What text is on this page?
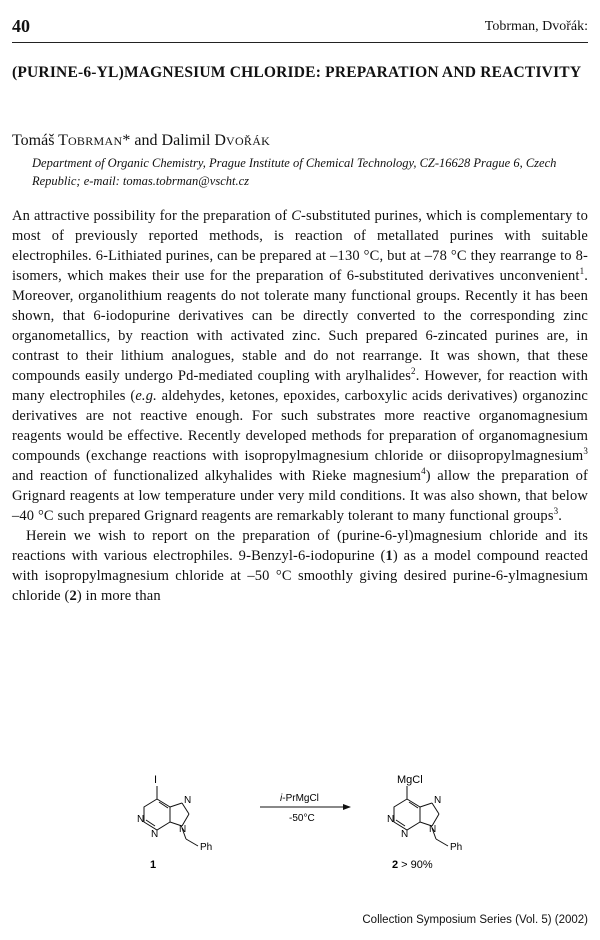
40	Tobrman, Dvořák:
(PURINE-6-YL)MAGNESIUM CHLORIDE: PREPARATION AND REACTIVITY
Tomáš TOBRMAN* and Dalimil DVOŘÁK
Department of Organic Chemistry, Prague Institute of Chemical Technology, CZ-16628 Prague 6, Czech Republic; e-mail: tomas.tobrman@vscht.cz

An attractive possibility for the preparation of C-substituted purines, which is complementary to most of previously reported methods, is reaction of metallated purines with suitable electrophiles. 6-Lithiated purines, can be prepared at –130 °C, but at –78 °C they rearrange to 8-isomers, which makes their use for the preparation of 6-substituted derivatives unconvenient$^1$. Moreover, organolithium reagents do not tolerate many functional groups. Recently it has been shown, that 6-iodopurine derivatives can be directly converted to the corresponding zinc organometallics, by reaction with activated zinc. Such prepared 6-zincated purines are, in contrast to their lithium analogues, stable and do not rearrange. It was shown, that these compounds easily undergo Pd-mediated coupling with arylhalides$^2$. However, for reaction with many electrophiles (e.g. aldehydes, ketones, epoxides, carboxylic acids derivatives) organozinc derivatives are not reactive enough. For such substrates more reactive organomagnesium reagents would be effective. Recently developed methods for preparation of organomagnesium compounds (exchange reactions with isopropylmagnesium chloride or diisopropylmagnesium$^3$ and reaction of functionalized alkyhalides with Rieke magnesium$^4$) allow the preparation of Grignard reagents at low temperature under very mild conditions. It was also shown, that below –40 °C such prepared Grignard reagents are remarkably tolerant to many functional groups$^3$.

Herein we wish to report on the preparation of (purine-6-yl)magnesium chloride and its reactions with various electrophiles. 9-Benzyl-6-iodopurine (1) as a model compound reacted with isopropylmagnesium chloride at –50 °C smoothly giving desired purine-6-ylmagnesium chloride (2) in more than

I
N
N
N
N
Ph
1
i-PrMgCl
-50°C
MgCl
N
N
N
N
Ph
2 > 90%
Collection Symposium Series (Vol. 5) (2002)
